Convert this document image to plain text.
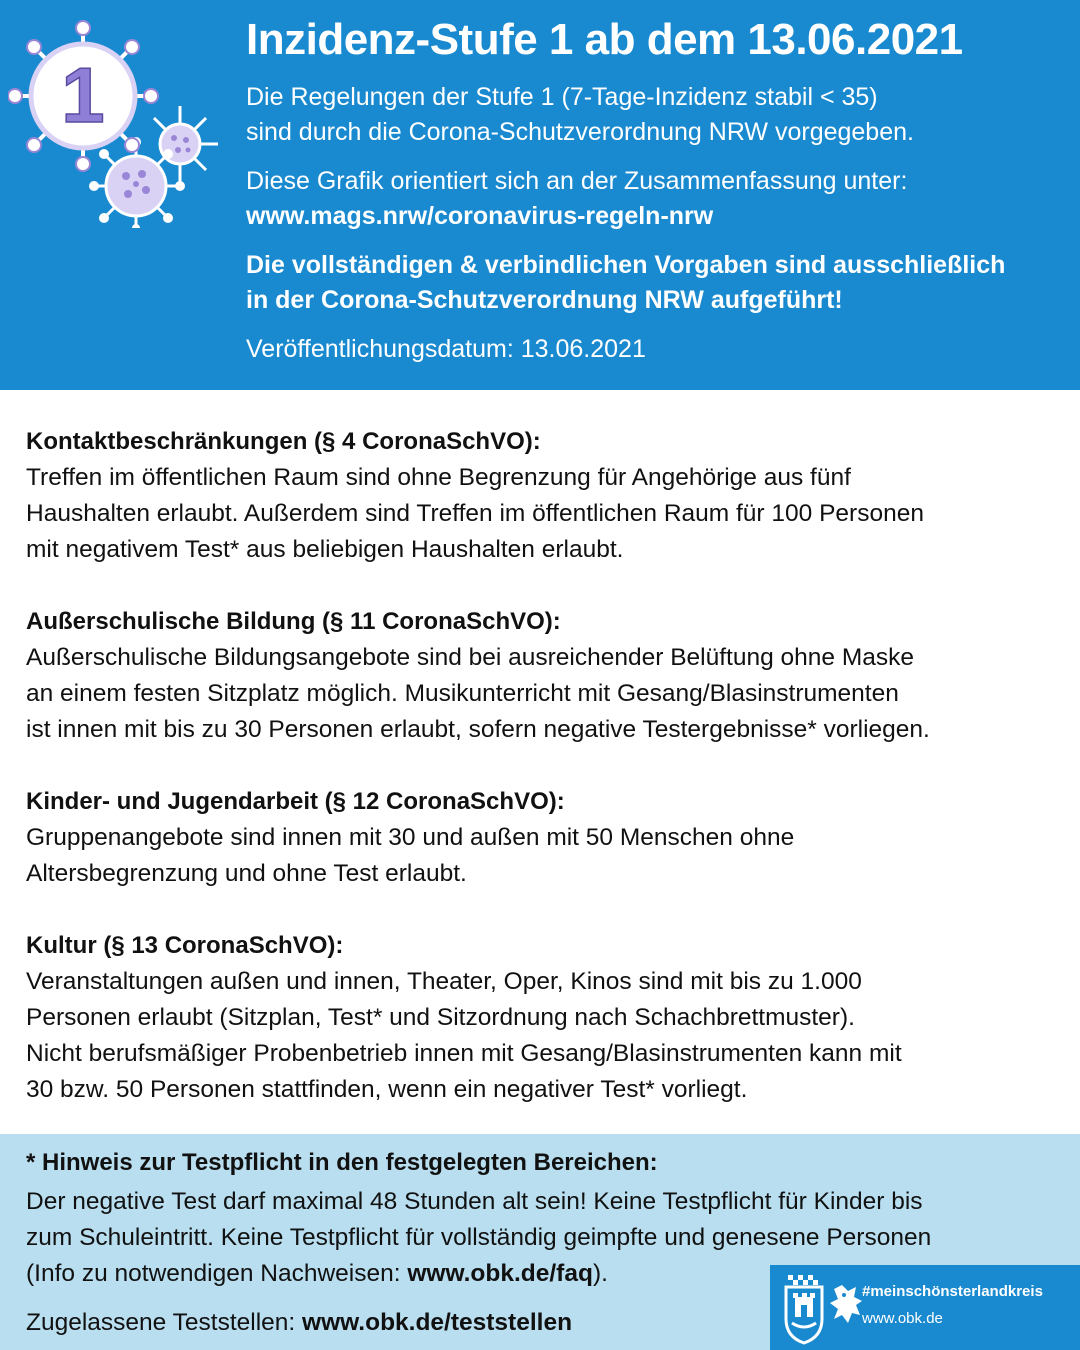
1
Inzidenz-Stufe 1 ab dem 13.06.2021
Die Regelungen der Stufe 1 (7-Tage-Inzidenz stabil < 35)
sind durch die Corona-Schutzverordnung NRW vorgegeben.
Diese Grafik orientiert sich an der Zusammenfassung unter:
www.mags.nrw/coronavirus-regeln-nrw
Die vollständigen & verbindlichen Vorgaben sind ausschließlich
in der Corona-Schutzverordnung NRW aufgeführt!
Veröffentlichungsdatum: 13.06.2021
Kontaktbeschränkungen (§ 4 CoronaSchVO):
Treffen im öffentlichen Raum sind ohne Begrenzung für Angehörige aus fünf
Haushalten erlaubt. Außerdem sind Treffen im öffentlichen Raum für 100 Personen
mit negativem Test* aus beliebigen Haushalten erlaubt.
Außerschulische Bildung (§ 11 CoronaSchVO):
Außerschulische Bildungsangebote sind bei ausreichender Belüftung ohne Maske
an einem festen Sitzplatz möglich. Musikunterricht mit Gesang/Blasinstrumenten
ist innen mit bis zu 30 Personen erlaubt, sofern negative Testergebnisse* vorliegen.
Kinder- und Jugendarbeit (§ 12 CoronaSchVO):
Gruppenangebote sind innen mit 30 und außen mit 50 Menschen ohne
Altersbegrenzung und ohne Test erlaubt.
Kultur (§ 13 CoronaSchVO):
Veranstaltungen außen und innen, Theater, Oper, Kinos sind mit bis zu 1.000
Personen erlaubt (Sitzplan, Test* und Sitzordnung nach Schachbrettmuster).
Nicht berufsmäßiger Probenbetrieb innen mit Gesang/Blasinstrumenten kann mit
30 bzw. 50 Personen stattfinden, wenn ein negativer Test* vorliegt.
* Hinweis zur Testpflicht in den festgelegten Bereichen:
Der negative Test darf maximal 48 Stunden alt sein! Keine Testpflicht für Kinder bis
zum Schuleintritt. Keine Testpflicht für vollständig geimpfte und genesene Personen
(Info zu notwendigen Nachweisen: www.obk.de/faq).
Zugelassene Teststellen: www.obk.de/teststellen
#meinschönsterlandkreis
www.obk.de
